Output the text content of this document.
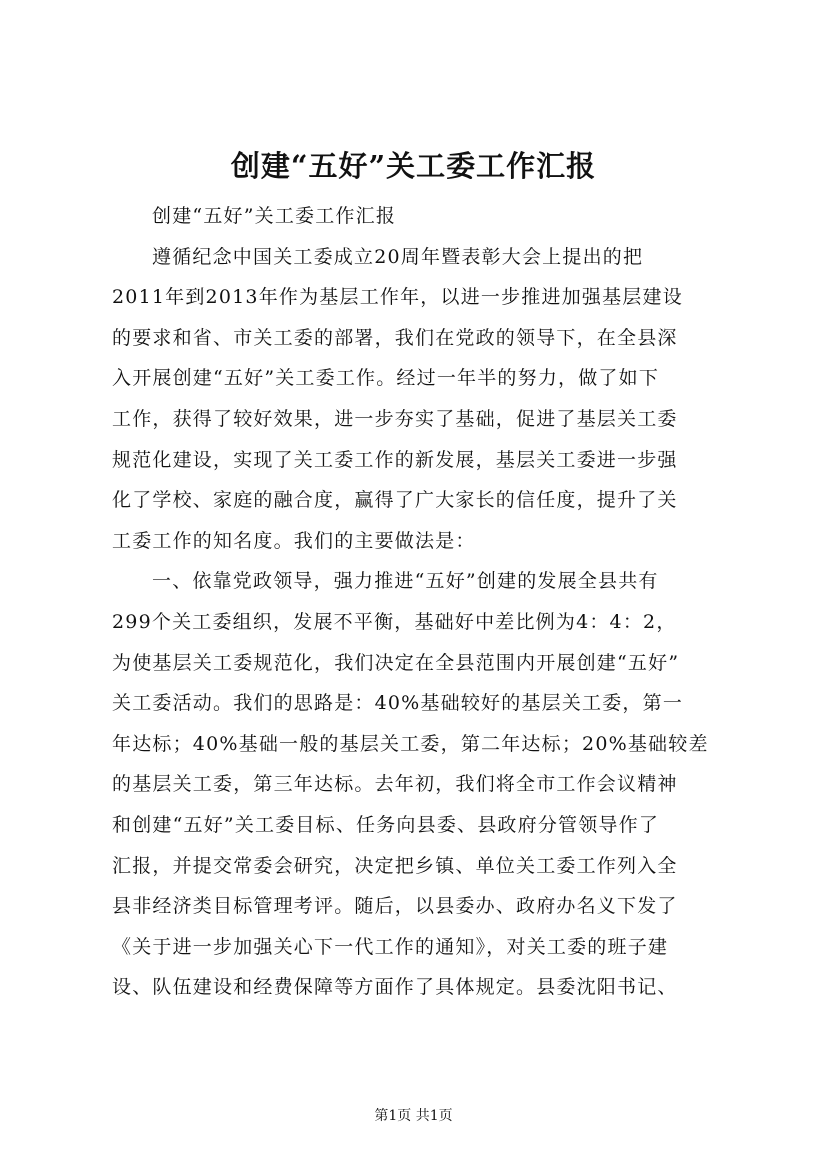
创建“五好”关工委工作汇报
创建“五好”关工委工作汇报
遵循纪念中国关工委成立20周年暨表彰大会上提出的把
2011年到2013年作为基层工作年，以进一步推进加强基层建设
的要求和省、市关工委的部署，我们在党政的领导下，在全县深
入开展创建“五好”关工委工作。经过一年半的努力，做了如下
工作，获得了较好效果，进一步夯实了基础，促进了基层关工委
规范化建设，实现了关工委工作的新发展，基层关工委进一步强
化了学校、家庭的融合度，赢得了广大家长的信任度，提升了关
工委工作的知名度。我们的主要做法是：
一、依靠党政领导，强力推进“五好”创建的发展全县共有
299个关工委组织，发展不平衡，基础好中差比例为4：4：2，
为使基层关工委规范化，我们决定在全县范围内开展创建“五好”
关工委活动。我们的思路是：40%基础较好的基层关工委，第一
年达标；40%基础一般的基层关工委，第二年达标；20%基础较差
的基层关工委，第三年达标。去年初，我们将全市工作会议精神
和创建“五好”关工委目标、任务向县委、县政府分管领导作了
汇报，并提交常委会研究，决定把乡镇、单位关工委工作列入全
县非经济类目标管理考评。随后，以县委办、政府办名义下发了
《关于进一步加强关心下一代工作的通知》，对关工委的班子建
设、队伍建设和经费保障等方面作了具体规定。县委沈阳书记、
第1页 共1页
